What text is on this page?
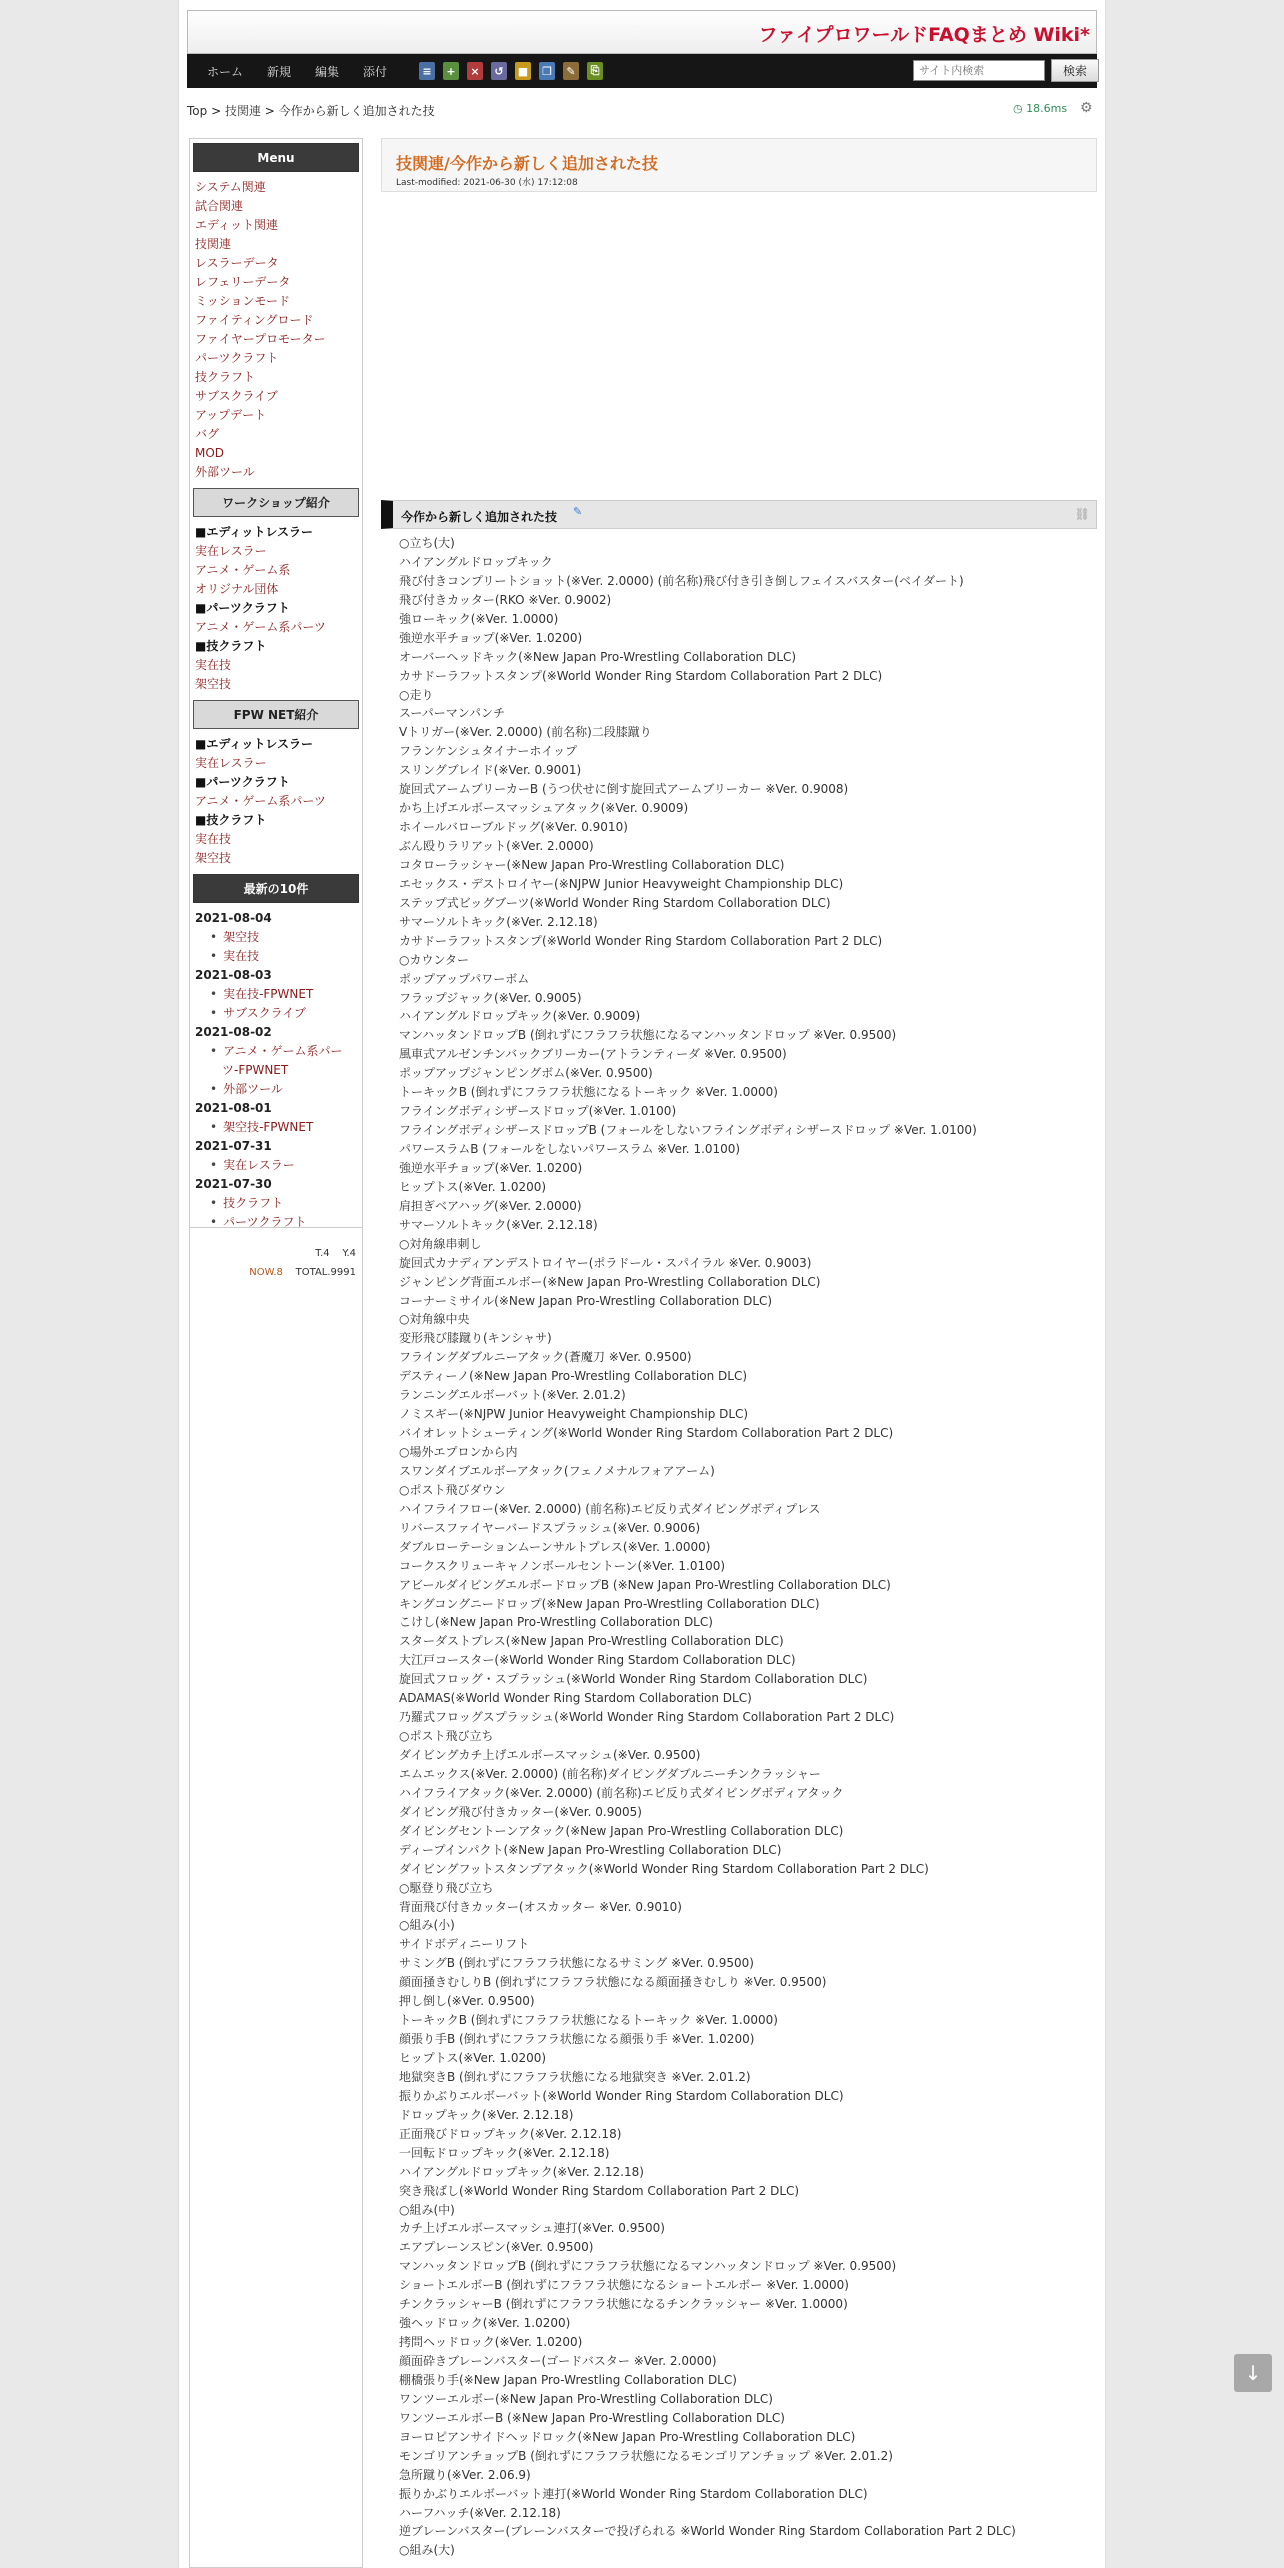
ファイプロワールドFAQまとめ Wiki*
ホーム 新規 編集 添付	≡	+	×	↺	■ ❐	✎	⎘
サイト内検索	検索
Top > 技関連 > 今作から新しく追加された技	◷ 18.6ms ⚙
Menu
システム関連
試合関連
エディット関連
技関連
レスラーデータ
レフェリーデータ
ミッションモード
ファイティングロード
ファイヤープロモーター
パーツクラフト
技クラフト
サブスクライブ
アップデート
バグ
MOD
外部ツール
ワークショップ紹介
■エディットレスラー
実在レスラー
アニメ・ゲーム系
オリジナル団体
■パーツクラフト
アニメ・ゲーム系パーツ
■技クラフト
実在技
架空技
FPW NET紹介
■エディットレスラー
実在レスラー
■パーツクラフト
アニメ・ゲーム系パーツ
■技クラフト
実在技
架空技
最新の10件
2021-08-04
• 架空技
• 実在技
2021-08-03
• 実在技-FPWNET
• サブスクライブ
2021-08-02
• アニメ・ゲーム系パー
ツ-FPWNET
• 外部ツール
2021-08-01
• 架空技-FPWNET
2021-07-31
• 実在レスラー
2021-07-30
• 技クラフト
• パーツクラフト
T.4 Y.4
NOW.8 TOTAL.9991
技関連/今作から新しく追加された技
Last-modified: 2021-06-30 (水) 17:12:08
今作から新しく追加された技 ✎	⛓
○立ち(大)
ハイアングルドロップキック
飛び付きコンプリートショット(※Ver. 2.0000) (前名称)飛び付き引き倒しフェイスバスター(ベイダート)
飛び付きカッター(RKO ※Ver. 0.9002)
強ローキック(※Ver. 1.0000)
強逆水平チョップ(※Ver. 1.0200)
オーバーヘッドキック(※New Japan Pro-Wrestling Collaboration DLC)
カサドーラフットスタンプ(※World Wonder Ring Stardom Collaboration Part 2 DLC)
○走り
スーパーマンパンチ
Vトリガー(※Ver. 2.0000) (前名称)二段膝蹴り
フランケンシュタイナーホイップ
スリングブレイド(※Ver. 0.9001)
旋回式アームブリーカーB (うつ伏せに倒す旋回式アームブリーカー ※Ver. 0.9008)
かち上げエルボースマッシュアタック(※Ver. 0.9009)
ホイールバローブルドッグ(※Ver. 0.9010)
ぶん殴りラリアット(※Ver. 2.0000)
コタローラッシャー(※New Japan Pro-Wrestling Collaboration DLC)
エセックス・デストロイヤー(※NJPW Junior Heavyweight Championship DLC)
ステップ式ビッグブーツ(※World Wonder Ring Stardom Collaboration DLC)
サマーソルトキック(※Ver. 2.12.18)
カサドーラフットスタンプ(※World Wonder Ring Stardom Collaboration Part 2 DLC)
○カウンター
ポップアップパワーボム
フラップジャック(※Ver. 0.9005)
ハイアングルドロップキック(※Ver. 0.9009)
マンハッタンドロップB (倒れずにフラフラ状態になるマンハッタンドロップ ※Ver. 0.9500)
風車式アルゼンチンバックブリーカー(アトランティーダ ※Ver. 0.9500)
ポップアップジャンピングボム(※Ver. 0.9500)
トーキックB (倒れずにフラフラ状態になるトーキック ※Ver. 1.0000)
フライングボディシザースドロップ(※Ver. 1.0100)
フライングボディシザースドロップB (フォールをしないフライングボディシザースドロップ ※Ver. 1.0100)
パワースラムB (フォールをしないパワースラム ※Ver. 1.0100)
強逆水平チョップ(※Ver. 1.0200)
ヒップトス(※Ver. 1.0200)
肩担ぎベアハッグ(※Ver. 2.0000)
サマーソルトキック(※Ver. 2.12.18)
○対角線串刺し
旋回式カナディアンデストロイヤー(ポラドール・スパイラル ※Ver. 0.9003)
ジャンピング背面エルボー(※New Japan Pro-Wrestling Collaboration DLC)
コーナーミサイル(※New Japan Pro-Wrestling Collaboration DLC)
○対角線中央
変形飛び膝蹴り(キンシャサ)
フライングダブルニーアタック(蒼魔刀 ※Ver. 0.9500)
デスティーノ(※New Japan Pro-Wrestling Collaboration DLC)
ランニングエルボーバット(※Ver. 2.01.2)
ノミスギー(※NJPW Junior Heavyweight Championship DLC)
バイオレットシューティング(※World Wonder Ring Stardom Collaboration Part 2 DLC)
○場外エプロンから内
スワンダイブエルボーアタック(フェノメナルフォアアーム)
○ポスト飛びダウン
ハイフライフロー(※Ver. 2.0000) (前名称)エビ反り式ダイビングボディプレス
リバースファイヤーバードスプラッシュ(※Ver. 0.9006)
ダブルローテーションムーンサルトプレス(※Ver. 1.0000)
コークスクリューキャノンボールセントーン(※Ver. 1.0100)
アビールダイビングエルボードロップB (※New Japan Pro-Wrestling Collaboration DLC)
キングコングニードロップ(※New Japan Pro-Wrestling Collaboration DLC)
こけし(※New Japan Pro-Wrestling Collaboration DLC)
スターダストプレス(※New Japan Pro-Wrestling Collaboration DLC)
大江戸コースター(※World Wonder Ring Stardom Collaboration DLC)
旋回式フロッグ・スプラッシュ(※World Wonder Ring Stardom Collaboration DLC)
ADAMAS(※World Wonder Ring Stardom Collaboration DLC)
乃羅式フロッグスプラッシュ(※World Wonder Ring Stardom Collaboration Part 2 DLC)
○ポスト飛び立ち
ダイビングカチ上げエルボースマッシュ(※Ver. 0.9500)
エムエックス(※Ver. 2.0000) (前名称)ダイビングダブルニーチンクラッシャー
ハイフライアタック(※Ver. 2.0000) (前名称)エビ反り式ダイビングボディアタック
ダイビング飛び付きカッター(※Ver. 0.9005)
ダイビングセントーンアタック(※New Japan Pro-Wrestling Collaboration DLC)
ディープインパクト(※New Japan Pro-Wrestling Collaboration DLC)
ダイビングフットスタンプアタック(※World Wonder Ring Stardom Collaboration Part 2 DLC)
○駆登り飛び立ち
背面飛び付きカッター(オスカッター ※Ver. 0.9010)
○組み(小)
サイドボディニーリフト
サミングB (倒れずにフラフラ状態になるサミング ※Ver. 0.9500)
顔面掻きむしりB (倒れずにフラフラ状態になる顔面掻きむしり ※Ver. 0.9500)
押し倒し(※Ver. 0.9500)
トーキックB (倒れずにフラフラ状態になるトーキック ※Ver. 1.0000)
顔張り手B (倒れずにフラフラ状態になる顔張り手 ※Ver. 1.0200)
ヒップトス(※Ver. 1.0200)
地獄突きB (倒れずにフラフラ状態になる地獄突き ※Ver. 2.01.2)
振りかぶりエルボーバット(※World Wonder Ring Stardom Collaboration DLC)
ドロップキック(※Ver. 2.12.18)
正面飛びドロップキック(※Ver. 2.12.18)
一回転ドロップキック(※Ver. 2.12.18)
ハイアングルドロップキック(※Ver. 2.12.18)
突き飛ばし(※World Wonder Ring Stardom Collaboration Part 2 DLC)
○組み(中)
カチ上げエルボースマッシュ連打(※Ver. 0.9500)
エアプレーンスピン(※Ver. 0.9500)
マンハッタンドロップB (倒れずにフラフラ状態になるマンハッタンドロップ ※Ver. 0.9500)
ショートエルボーB (倒れずにフラフラ状態になるショートエルボー ※Ver. 1.0000)
チンクラッシャーB (倒れずにフラフラ状態になるチンクラッシャー ※Ver. 1.0000)
強ヘッドロック(※Ver. 1.0200)
拷問ヘッドロック(※Ver. 1.0200)
顔面砕きブレーンバスター(ゴードバスター ※Ver. 2.0000)
棚橋張り手(※New Japan Pro-Wrestling Collaboration DLC)
ワンツーエルボー(※New Japan Pro-Wrestling Collaboration DLC)
ワンツーエルボーB (※New Japan Pro-Wrestling Collaboration DLC)
ヨーロピアンサイドヘッドロック(※New Japan Pro-Wrestling Collaboration DLC)
モンゴリアンチョップB (倒れずにフラフラ状態になるモンゴリアンチョップ ※Ver. 2.01.2)
急所蹴り(※Ver. 2.06.9)
振りかぶりエルボーバット連打(※World Wonder Ring Stardom Collaboration DLC)
ハーフハッチ(※Ver. 2.12.18)
逆ブレーンバスター(ブレーンバスターで投げられる ※World Wonder Ring Stardom Collaboration Part 2 DLC)
○組み(大)
↓
